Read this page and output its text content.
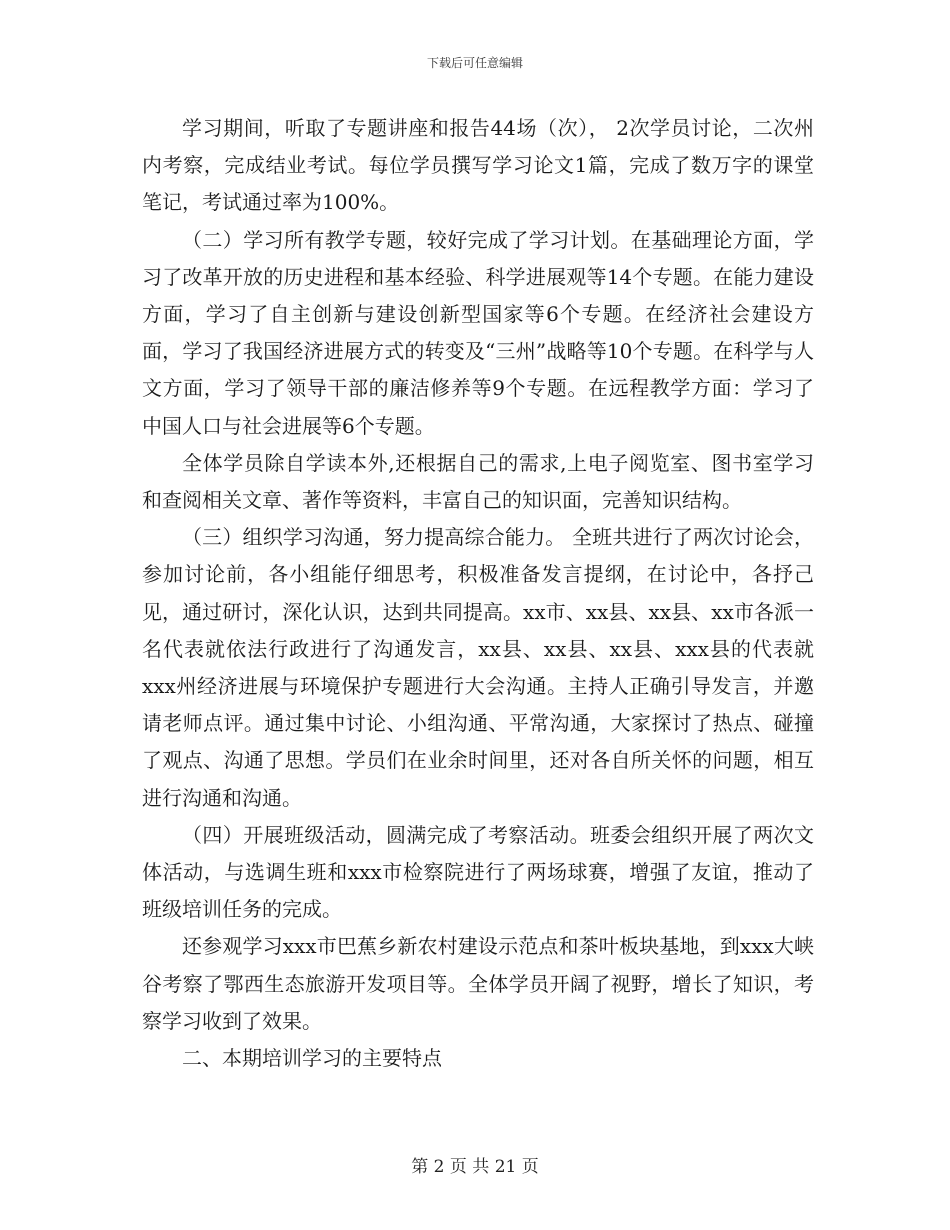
下载后可任意编辑

学习期间，听取了专题讲座和报告44场（次）， 2次学员讨论，二次州内考察，完成结业考试。每位学员撰写学习论文1篇，完成了数万字的课堂笔记，考试通过率为100%。

（二）学习所有教学专题，较好完成了学习计划。在基础理论方面，学习了改革开放的历史进程和基本经验、科学进展观等14个专题。在能力建设方面，学习了自主创新与建设创新型国家等6个专题。在经济社会建设方面，学习了我国经济进展方式的转变及“三州”战略等10个专题。在科学与人文方面，学习了领导干部的廉洁修养等9个专题。在远程教学方面：学习了中国人口与社会进展等6个专题。

全体学员除自学读本外,还根据自己的需求,上电子阅览室、图书室学习和查阅相关文章、著作等资料，丰富自己的知识面，完善知识结构。

（三）组织学习沟通，努力提高综合能力。 全班共进行了两次讨论会，参加讨论前，各小组能仔细思考，积极准备发言提纲，在讨论中，各抒己见，通过研讨，深化认识，达到共同提高。xx市、xx县、xx县、xx市各派一名代表就依法行政进行了沟通发言，xx县、xx县、xx县、xxx县的代表就xxx州经济进展与环境保护专题进行大会沟通。主持人正确引导发言，并邀请老师点评。通过集中讨论、小组沟通、平常沟通，大家探讨了热点、碰撞了观点、沟通了思想。学员们在业余时间里，还对各自所关怀的问题，相互进行沟通和沟通。

（四）开展班级活动，圆满完成了考察活动。班委会组织开展了两次文体活动，与选调生班和xxx市检察院进行了两场球赛，增强了友谊，推动了班级培训任务的完成。

还参观学习xxx市巴蕉乡新农村建设示范点和茶叶板块基地，到xxx大峡谷考察了鄂西生态旅游开发项目等。全体学员开阔了视野，增长了知识，考察学习收到了效果。

二、本期培训学习的主要特点

第 2 页 共 21 页
